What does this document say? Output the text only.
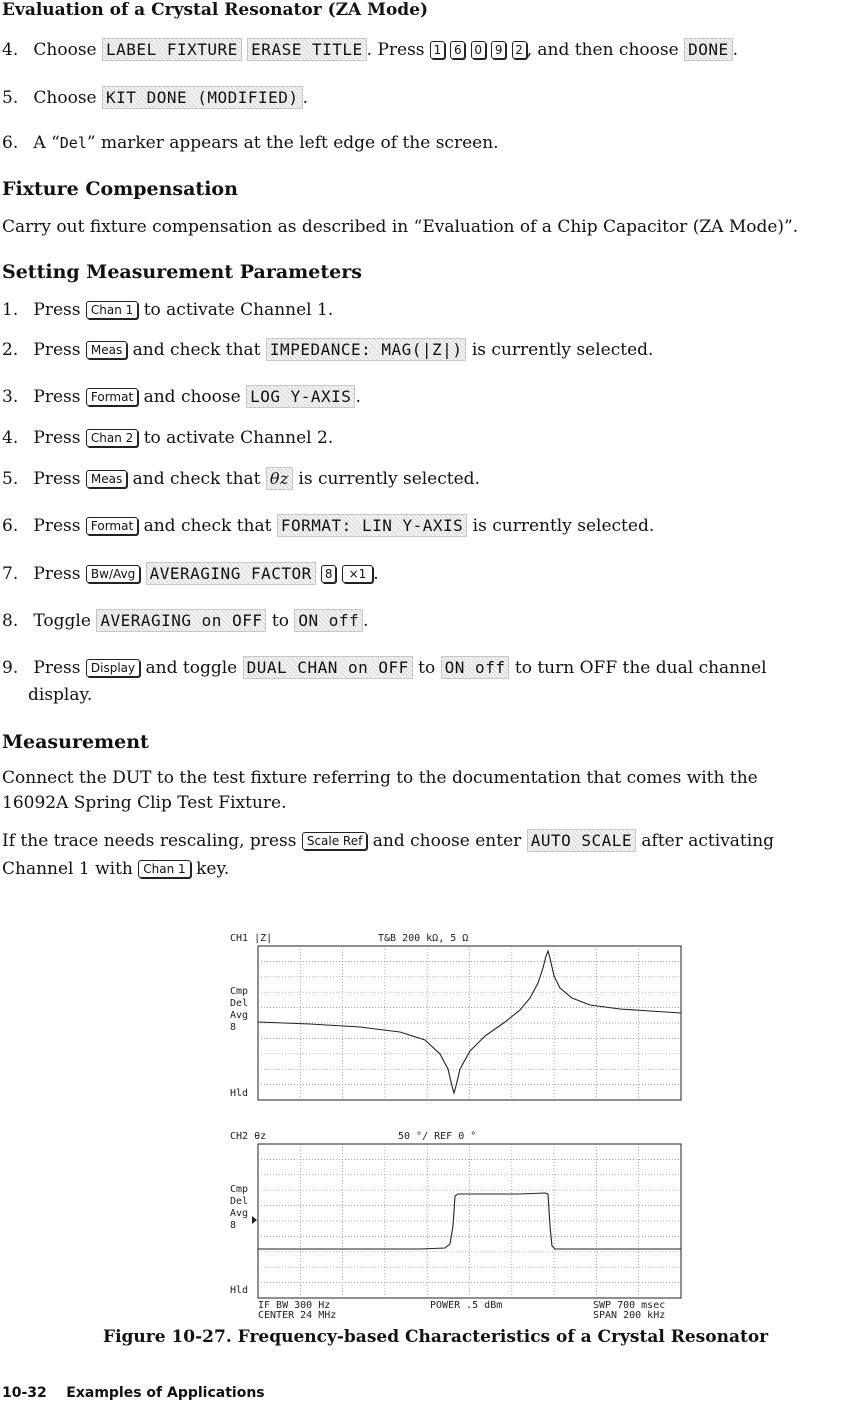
Evaluation of a Crystal Resonator (ZA Mode)
4. Choose LABEL FIXTURE ERASE TITLE . Press 1 6 0 9 2 , and then choose DONE .
5. Choose KIT DONE (MODIFIED) .
6. A “Del” marker appears at the left edge of the screen.
Fixture Compensation
Carry out fixture compensation as described in “Evaluation of a Chip Capacitor (ZA Mode)”.
Setting Measurement Parameters
1. Press Chan 1 to activate Channel 1.
2. Press Meas and check that IMPEDANCE: MAG(|Z|) is currently selected.
3. Press Format and choose LOG Y-AXIS .
4. Press Chan 2 to activate Channel 2.
5. Press Meas and check that θz is currently selected.
6. Press Format and check that FORMAT: LIN Y-AXIS is currently selected.
7. Press Bw/Avg AVERAGING FACTOR 8 ×1 .
8. Toggle AVERAGING on OFF to ON off .
9. Press Display and toggle DUAL CHAN on OFF to ON off to turn OFF the dual channel
display.
Measurement
Connect the DUT to the test fixture referring to the documentation that comes with the
16092A Spring Clip Test Fixture.
If the trace needs rescaling, press Scale Ref and choose enter AUTO SCALE after activating
Channel 1 with Chan 1 key.
CH1 |Z|	T&B 200 kΩ, 5 Ω
Cmp
Del
Avg
8
Hld
CH2 θz	50 °/ REF 0 °
Cmp
Del
Avg
8
Hld
IF BW 300 Hz
CENTER 24 MHz
POWER .5 dBm	SWP 700 msec
SPAN 200 kHz
Figure 10-27. Frequency-based Characteristics of a Crystal Resonator
10-32    Examples of Applications
